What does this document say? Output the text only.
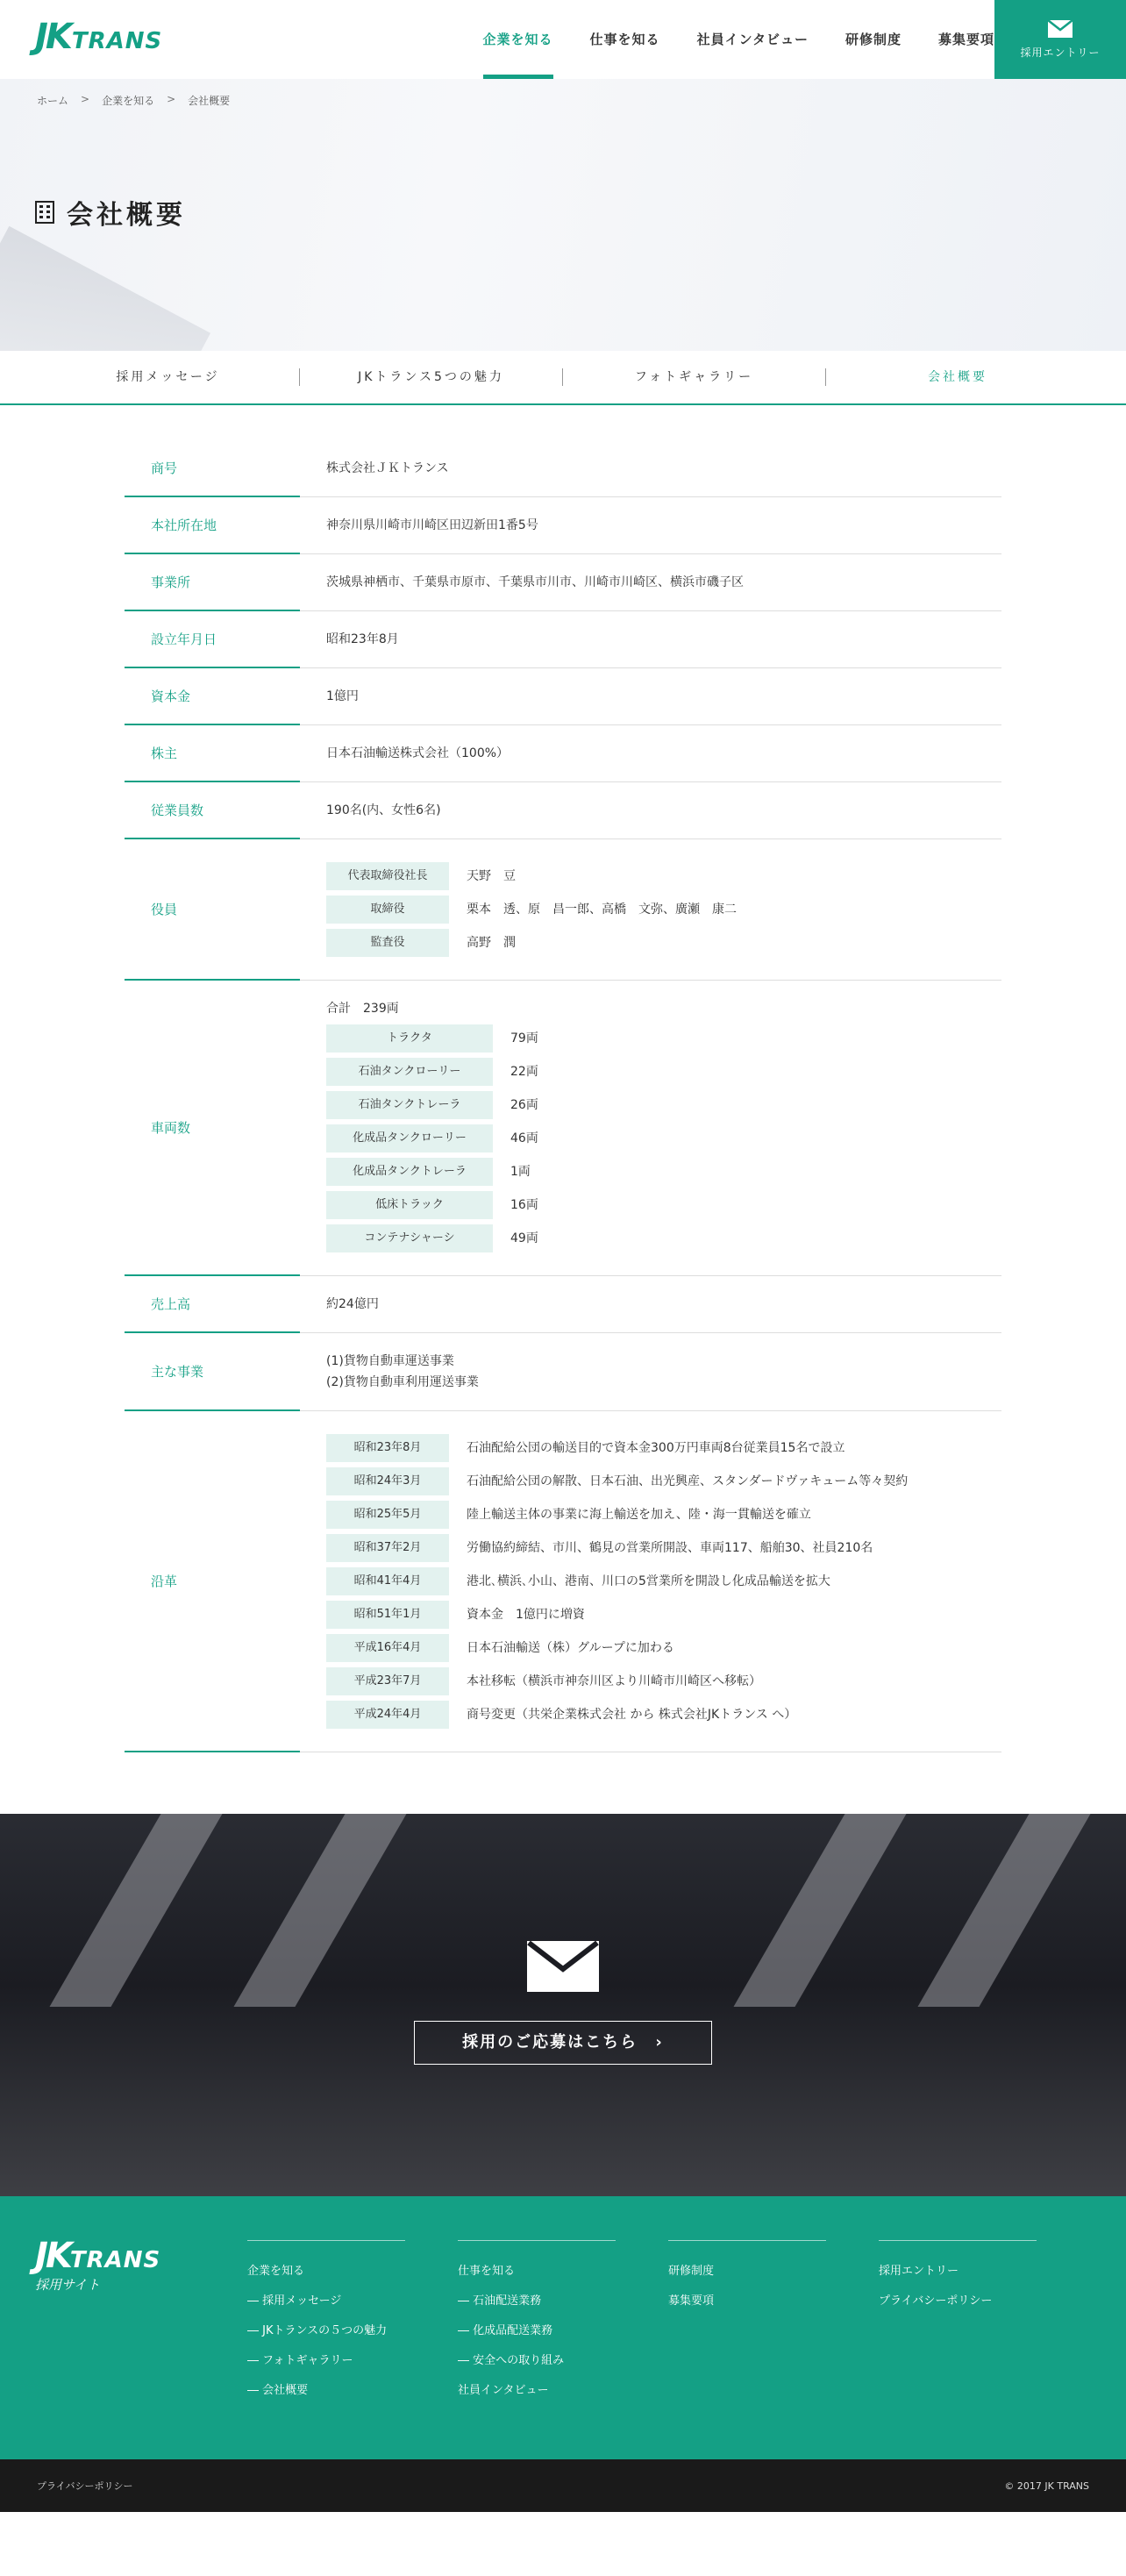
JK TRANS	企業を知る	仕事を知る	社員インタビュー	研修制度	募集要項
採用エントリー
ホーム > 企業を知る > 会社概要
会社概要
採用メッセージ	JKトランス5つの魅力	フォトギャラリー	会社概要
商号	株式会社ＪＫトランス
本社所在地	神奈川県川崎市川崎区田辺新田1番5号
事業所	茨城県神栖市、千葉県市原市、千葉県市川市、川崎市川崎区、横浜市磯子区
設立年月日	昭和23年8月
資本金	1億円
株主	日本石油輸送株式会社（100%）
従業員数	190名(内、女性6名)
役員
代表取締役社長	天野　豆
取締役	栗本　透、原　昌一郎、高橋　文弥、廣瀬　康二
監査役	高野　潤
車両数
合計　239両
トラクタ	79両
石油タンクローリー	22両
石油タンクトレーラ	26両
化成品タンクローリー	46両
化成品タンクトレーラ	1両
低床トラック	16両
コンテナシャーシ	49両
売上高	約24億円
主な事業
(1)貨物自動車運送事業
(2)貨物自動車利用運送事業
沿革
昭和23年8月	石油配給公団の輸送目的で資本金300万円車両8台従業員15名で設立
昭和24年3月	石油配給公団の解散、日本石油、出光興産、スタンダードヴァキューム等々契約
昭和25年5月	陸上輸送主体の事業に海上輸送を加え、陸・海一貫輸送を確立
昭和37年2月	労働協約締結、市川、鶴見の営業所開設、車両117、船舶30、社員210名
昭和41年4月	港北､横浜､小山、港南、川口の5営業所を開設し化成品輸送を拡大
昭和51年1月	資本金　1億円に増資
平成16年4月	日本石油輸送（株）グループに加わる
平成23年7月	本社移転（横浜市神奈川区より川崎市川崎区へ移転）
平成24年4月	商号変更（共栄企業株式会社 から 株式会社JKトランス へ）
採用のご応募はこちら ›
JKTRANS
採用サイト
企業を知る
― 採用メッセージ
― JKトランスの５つの魅力
― フォトギャラリー
― 会社概要
仕事を知る
― 石油配送業務
― 化成品配送業務
― 安全への取り組み
社員インタビュー
研修制度
募集要項
採用エントリー
プライバシーポリシー
プライバシーポリシー	© 2017 JK TRANS
